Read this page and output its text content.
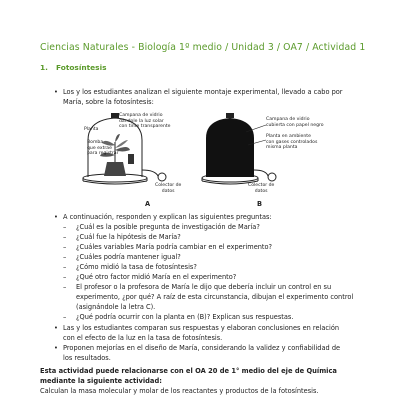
Ciencias Naturales - Biología 1º medio / Unidad 3 / OA7 / Actividad 1
1. Fotosíntesis
• Los y los estudiantes analizan el siguiente montaje experimental, llevado a cabo por
María, sobre la fotosíntesis:
Planta
Campana de vidrio
dándole la luz solar
con tinte transparente
Bomba
que extrae
para registrar
Colector de
datos
Campana de vidrio
cubierta con papel negro
Planta en ambiente
con gases controlados
misma planta
Colector de
datos
A	B
• A continuación, responden y explican las siguientes preguntas:
– ¿Cuál es la posible pregunta de investigación de María?
– ¿Cuál fue la hipótesis de María?
– ¿Cuáles variables María podría cambiar en el experimento?
– ¿Cuáles podría mantener igual?
– ¿Cómo midió la tasa de fotosíntesis?
– ¿Qué otro factor midió María en el experimento?
– El profesor o la profesora de María le dijo que debería incluir un control en su
experimento, ¿por qué? A raíz de esta circunstancia, dibujan el experimento control
(asignándole la letra C).
– ¿Qué podría ocurrir con la planta en (B)? Explican sus respuestas.
• Las y los estudiantes comparan sus respuestas y elaboran conclusiones en relación
con el efecto de la luz en la tasa de fotosíntesis.
• Proponen mejorías en el diseño de María, considerando la validez y confiabilidad de
los resultados.
Esta actividad puede relacionarse con el OA 20 de 1° medio del eje de Química
mediante la siguiente actividad:
Calculan la masa molecular y molar de los reactantes y productos de la fotosíntesis.
